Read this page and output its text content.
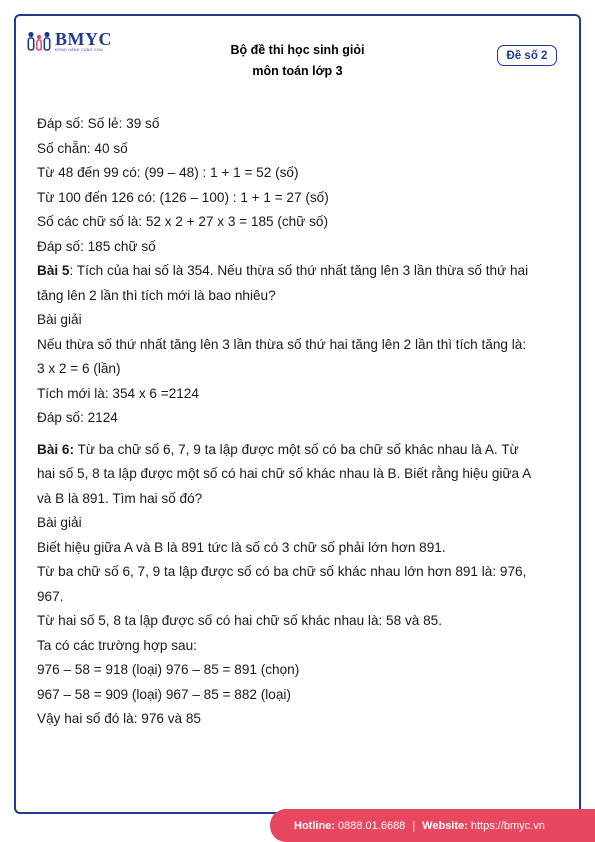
BMYC
ĐỒNG HÀNH CÙNG CON	Bộ đề thi học sinh giỏi
môn toán lớp 3
Đề số 2

Đáp số: Số lẻ: 39 số

Số chẵn: 40 số

Từ 48 đến 99 có: (99 – 48) : 1 + 1 = 52 (số)

Từ 100 đến 126 có: (126 – 100) : 1 + 1 = 27 (số)

Số các chữ số là: 52 x 2 + 27 x 3 = 185 (chữ số)

Đáp số: 185 chữ số

Bài 5: Tích của hai số là 354. Nếu thừa số thứ nhất tăng lên 3 lần thừa số thứ hai

tăng lên 2 lần thì tích mới là bao nhiêu?

Bài giải

Nếu thừa số thứ nhất tăng lên 3 lần thừa số thứ hai tăng lên 2 lần thì tích tăng là:

3 x 2 = 6 (lần)

Tích mới là: 354 x 6 =2124

Đáp số: 2124

Bài 6: Từ ba chữ số 6, 7, 9 ta lập được một số có ba chữ số khác nhau là A. Từ

hai số 5, 8 ta lập được một số có hai chữ số khác nhau là B. Biết rằng hiệu giữa A

và B là 891. Tìm hai số đó?

Bài giải

Biết hiệu giữa A và B là 891 tức là số có 3 chữ số phải lớn hơn 891.

Từ ba chữ số 6, 7, 9 ta lập được số có ba chữ số khác nhau lớn hơn 891 là: 976,

967.

Từ hai số 5, 8 ta lập được số có hai chữ số khác nhau là: 58 và 85.

Ta có các trường hợp sau:

976 – 58 = 918 (loại) 976 – 85 = 891 (chọn)

967 – 58 = 909 (loại) 967 – 85 = 882 (loại)

Vậy hai số đó là: 976 và 85

Hotline:
0888.01.6688 | Website:
https://bmyc.vn
